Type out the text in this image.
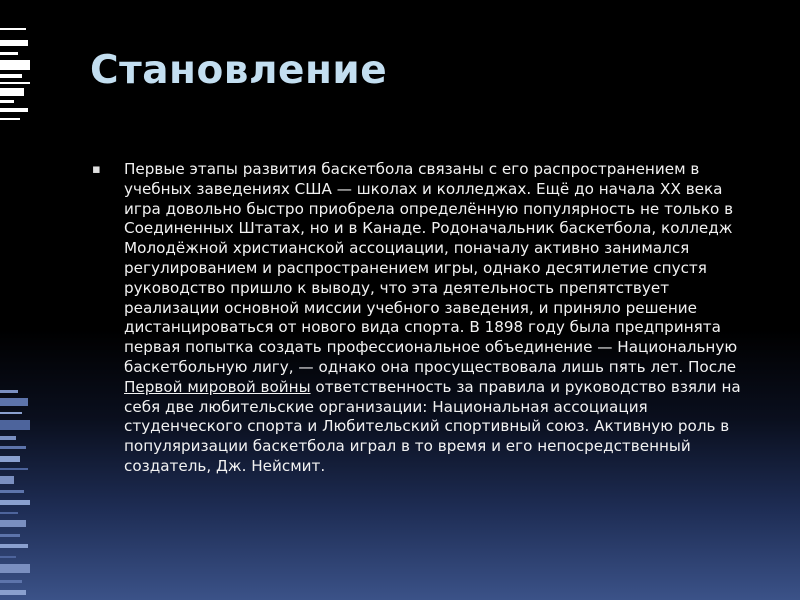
Становление
▪	Первые этапы развития баскетбола связаны с его распространением в учебных заведениях США — школах и колледжах. Ещё до начала XX века игра довольно быстро приобрела определённую популярность не только в Соединенных Штатах, но и в Канаде. Родоначальник баскетбола, колледж Молодёжной христианской ассоциации, поначалу активно занимался регулированием и распространением игры, однако десятилетие спустя руководство пришло к выводу, что эта деятельность препятствует реализации основной миссии учебного заведения, и приняло решение дистанцироваться от нового вида спорта. В 1898 году была предпринята первая попытка создать профессиональное объединение — Национальную баскетбольную лигу, — однако она просуществовала лишь пять лет. После Первой мировой войны ответственность за правила и руководство взяли на себя две любительские организации: Национальная ассоциация студенческого спорта и Любительский спортивный союз. Активную роль в популяризации баскетбола играл в то время и его непосредственный создатель, Дж. Нейсмит.
